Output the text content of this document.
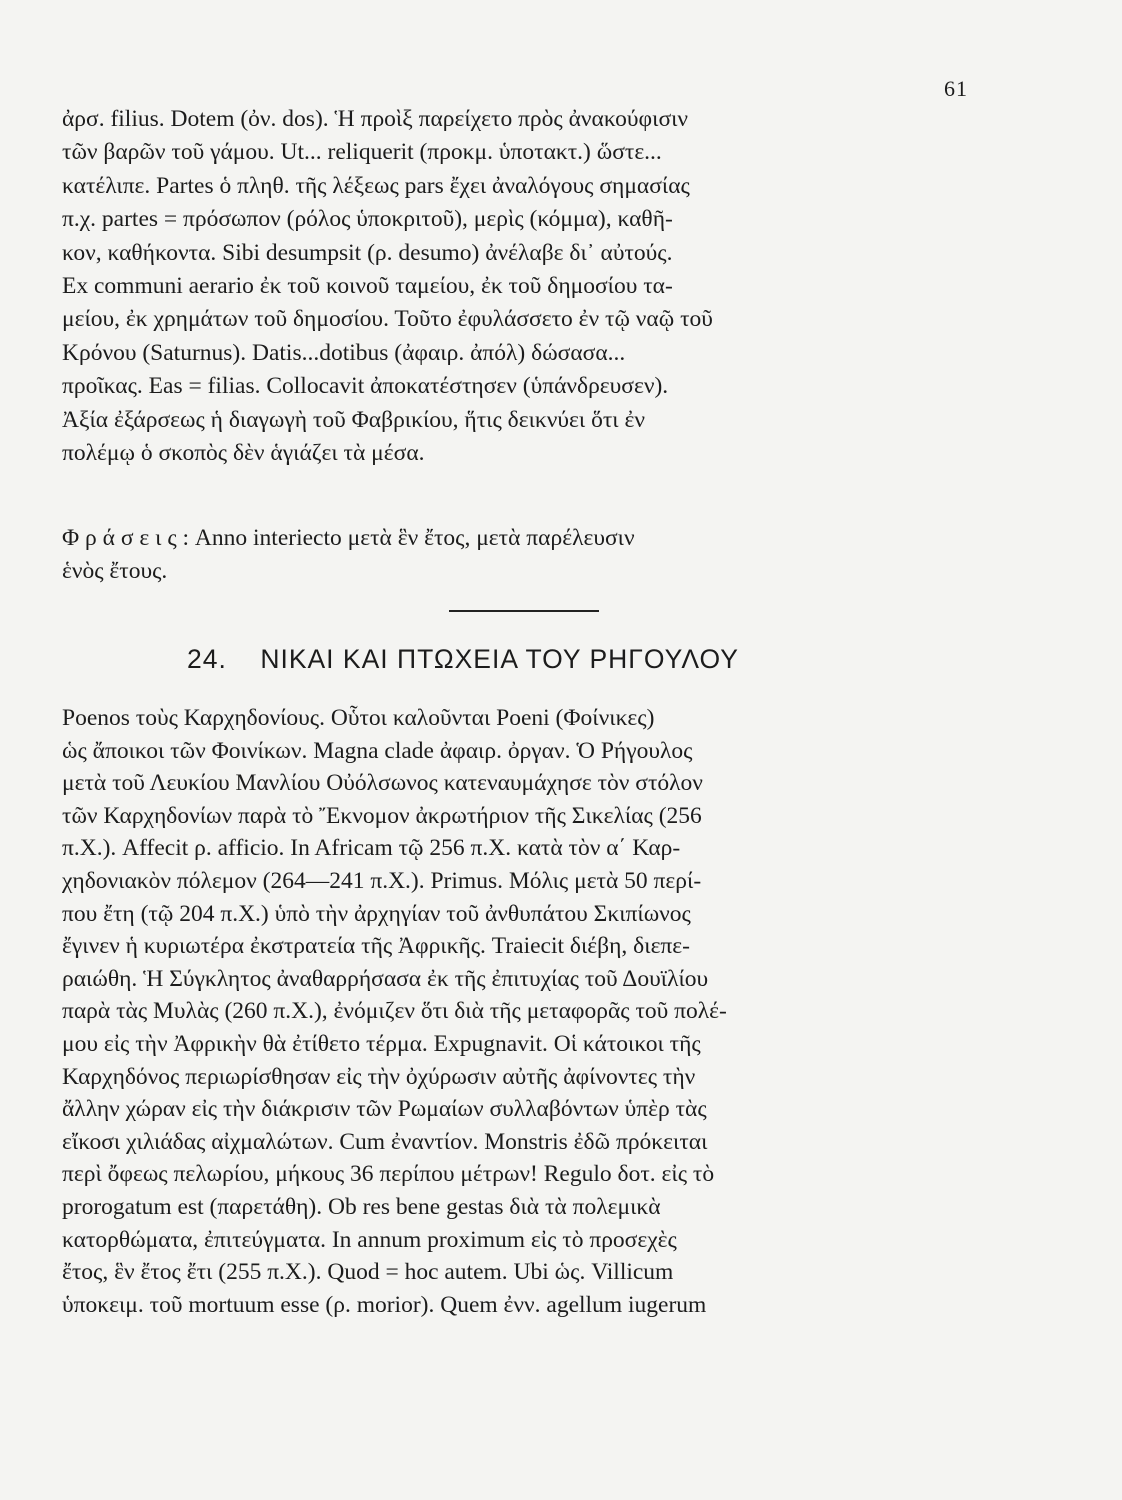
61
ἀρσ. filius. Dotem (ὀν. dos). Ἡ προὶξ παρείχετο πρὸς ἀνακούφισιν
τῶν βαρῶν τοῦ γάμου. Ut... reliquerit (προκμ. ὑποτακτ.) ὥστε...
κατέλιπε. Partes ὁ πληθ. τῆς λέξεως pars ἔχει ἀναλόγους σημασίας
π.χ. partes = πρόσωπον (ρόλος ὑποκριτοῦ), μερὶς (κόμμα), καθῆ-
κον, καθήκοντα. Sibi desumpsit (ρ. desumo) ἀνέλαβε δι᾽ αὐτούς.
Ex communi aerario ἐκ τοῦ κοινοῦ ταμείου, ἐκ τοῦ δημοσίου τα-
μείου, ἐκ χρημάτων τοῦ δημοσίου. Τοῦτο ἐφυλάσσετο ἐν τῷ ναῷ τοῦ
Κρόνου (Saturnus). Datis...dotibus (ἀφαιρ. ἀπόλ) δώσασα...
προῖκας. Eas = filias. Collocavit ἀποκατέστησεν (ὑπάνδρευσεν).
Ἀξία ἐξάρσεως ἡ διαγωγὴ τοῦ Φαβρικίου, ἥτις δεικνύει ὅτι ἐν
πολέμῳ ὁ σκοπὸς δὲν ἁγιάζει τὰ μέσα.
Φ ρ ά σ ε ι ς : Anno interiecto μετὰ ἓν ἔτος, μετὰ παρέλευσιν
ἑνὸς ἔτους.
24. ΝΙΚΑΙ ΚΑΙ ΠΤΩΧΕΙΑ ΤΟΥ ΡΗΓΟΥΛΟΥ
Poenos τοὺς Καρχηδονίους. Οὗτοι καλοῦνται Poeni (Φοίνικες)
ὡς ἄποικοι τῶν Φοινίκων. Magna clade ἀφαιρ. ὀργαν. Ὁ Ρήγουλος
μετὰ τοῦ Λευκίου Μανλίου Οὐόλσωνος κατεναυμάχησε τὸν στόλον
τῶν Καρχηδονίων παρὰ τὸ Ἔκνομον ἀκρωτήριον τῆς Σικελίας (256
π.Χ.). Affecit ρ. afficio. In Africam τῷ 256 π.Χ. κατὰ τὸν α΄ Καρ-
χηδονιακὸν πόλεμον (264—241 π.Χ.). Primus. Μόλις μετὰ 50 περί-
που ἔτη (τῷ 204 π.Χ.) ὑπὸ τὴν ἀρχηγίαν τοῦ ἀνθυπάτου Σκιπίωνος
ἔγινεν ἡ κυριωτέρα ἐκστρατεία τῆς Ἀφρικῆς. Traiecit διέβη, διεπε-
ραιώθη. Ἡ Σύγκλητος ἀναθαρρήσασα ἐκ τῆς ἐπιτυχίας τοῦ Δουϊλίου
παρὰ τὰς Μυλὰς (260 π.Χ.), ἐνόμιζεν ὅτι διὰ τῆς μεταφορᾶς τοῦ πολέ-
μου εἰς τὴν Ἀφρικὴν θὰ ἐτίθετο τέρμα. Expugnavit. Οἱ κάτοικοι τῆς
Καρχηδόνος περιωρίσθησαν εἰς τὴν ὀχύρωσιν αὐτῆς ἀφίνοντες τὴν
ἄλλην χώραν εἰς τὴν διάκρισιν τῶν Ρωμαίων συλλαβόντων ὑπὲρ τὰς
εἴκοσι χιλιάδας αἰχμαλώτων. Cum ἐναντίον. Monstris ἐδῶ πρόκειται
περὶ ὄφεως πελωρίου, μήκους 36 περίπου μέτρων! Regulo δοτ. εἰς τὸ
prorogatum est (παρετάθη). Ob res bene gestas διὰ τὰ πολεμικὰ
κατορθώματα, ἐπιτεύγματα. In annum proximum εἰς τὸ προσεχὲς
ἔτος, ἓν ἔτος ἔτι (255 π.Χ.). Quod = hoc autem. Ubi ὡς. Villicum
ὑποκειμ. τοῦ mortuum esse (ρ. morior). Quem ἐνν. agellum iugerum
